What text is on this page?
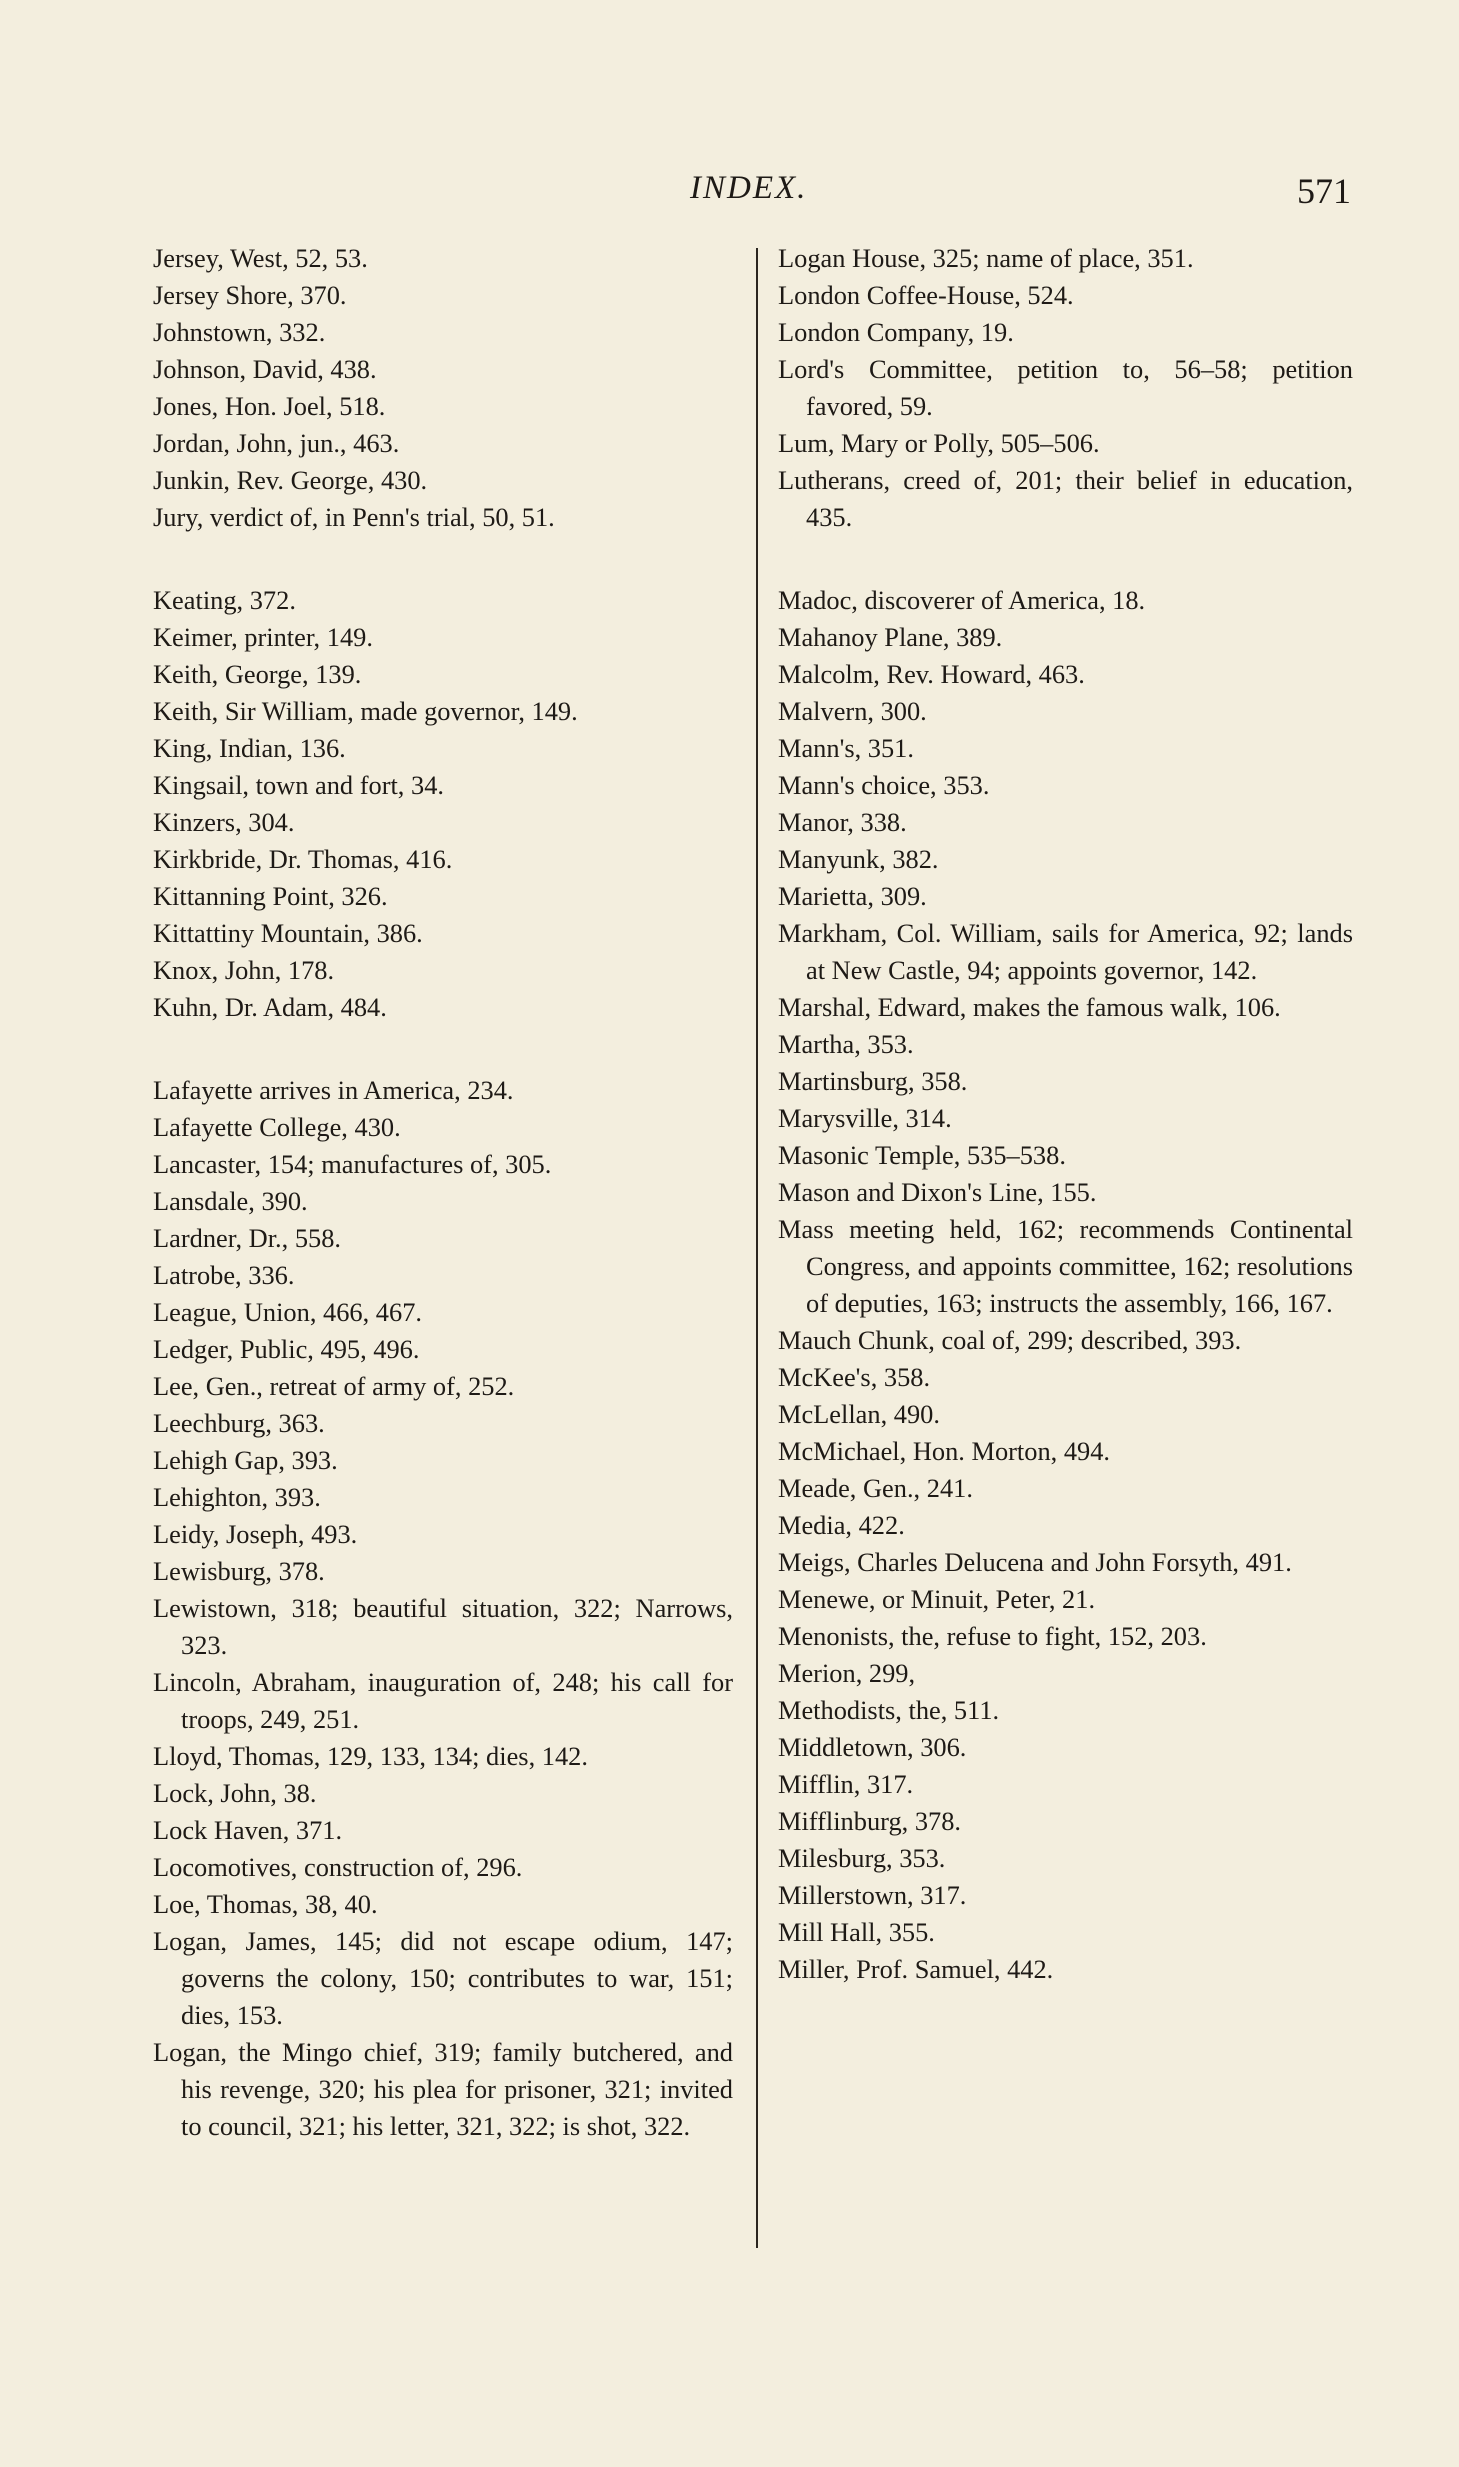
INDEX.	571
Jersey, West, 52, 53.
Jersey Shore, 370.
Johnstown, 332.
Johnson, David, 438.
Jones, Hon. Joel, 518.
Jordan, John, jun., 463.
Junkin, Rev. George, 430.
Jury, verdict of, in Penn's trial, 50, 51.
Keating, 372.
Keimer, printer, 149.
Keith, George, 139.
Keith, Sir William, made governor, 149.
King, Indian, 136.
Kingsail, town and fort, 34.
Kinzers, 304.
Kirkbride, Dr. Thomas, 416.
Kittanning Point, 326.
Kittattiny Mountain, 386.
Knox, John, 178.
Kuhn, Dr. Adam, 484.
Lafayette arrives in America, 234.
Lafayette College, 430.
Lancaster, 154; manufactures of, 305.
Lansdale, 390.
Lardner, Dr., 558.
Latrobe, 336.
League, Union, 466, 467.
Ledger, Public, 495, 496.
Lee, Gen., retreat of army of, 252.
Leechburg, 363.
Lehigh Gap, 393.
Lehighton, 393.
Leidy, Joseph, 493.
Lewisburg, 378.
Lewistown, 318; beautiful situation, 322; Narrows, 323.
Lincoln, Abraham, inauguration of, 248; his call for troops, 249, 251.
Lloyd, Thomas, 129, 133, 134; dies, 142.
Lock, John, 38.
Lock Haven, 371.
Locomotives, construction of, 296.
Loe, Thomas, 38, 40.
Logan, James, 145; did not escape odium, 147; governs the colony, 150; contributes to war, 151; dies, 153.
Logan, the Mingo chief, 319; family butchered, and his revenge, 320; his plea for prisoner, 321; invited to council, 321; his letter, 321, 322; is shot, 322.
Logan House, 325; name of place, 351.
London Coffee-House, 524.
London Company, 19.
Lord's Committee, petition to, 56–58; petition favored, 59.
Lum, Mary or Polly, 505–506.
Lutherans, creed of, 201; their belief in education, 435.
Madoc, discoverer of America, 18.
Mahanoy Plane, 389.
Malcolm, Rev. Howard, 463.
Malvern, 300.
Mann's, 351.
Mann's choice, 353.
Manor, 338.
Manyunk, 382.
Marietta, 309.
Markham, Col. William, sails for America, 92; lands at New Castle, 94; appoints governor, 142.
Marshal, Edward, makes the famous walk, 106.
Martha, 353.
Martinsburg, 358.
Marysville, 314.
Masonic Temple, 535–538.
Mason and Dixon's Line, 155.
Mass meeting held, 162; recommends Continental Congress, and appoints committee, 162; resolutions of deputies, 163; instructs the assembly, 166, 167.
Mauch Chunk, coal of, 299; described, 393.
McKee's, 358.
McLellan, 490.
McMichael, Hon. Morton, 494.
Meade, Gen., 241.
Media, 422.
Meigs, Charles Delucena and John Forsyth, 491.
Menewe, or Minuit, Peter, 21.
Menonists, the, refuse to fight, 152, 203.
Merion, 299,
Methodists, the, 511.
Middletown, 306.
Mifflin, 317.
Mifflinburg, 378.
Milesburg, 353.
Millerstown, 317.
Mill Hall, 355.
Miller, Prof. Samuel, 442.
